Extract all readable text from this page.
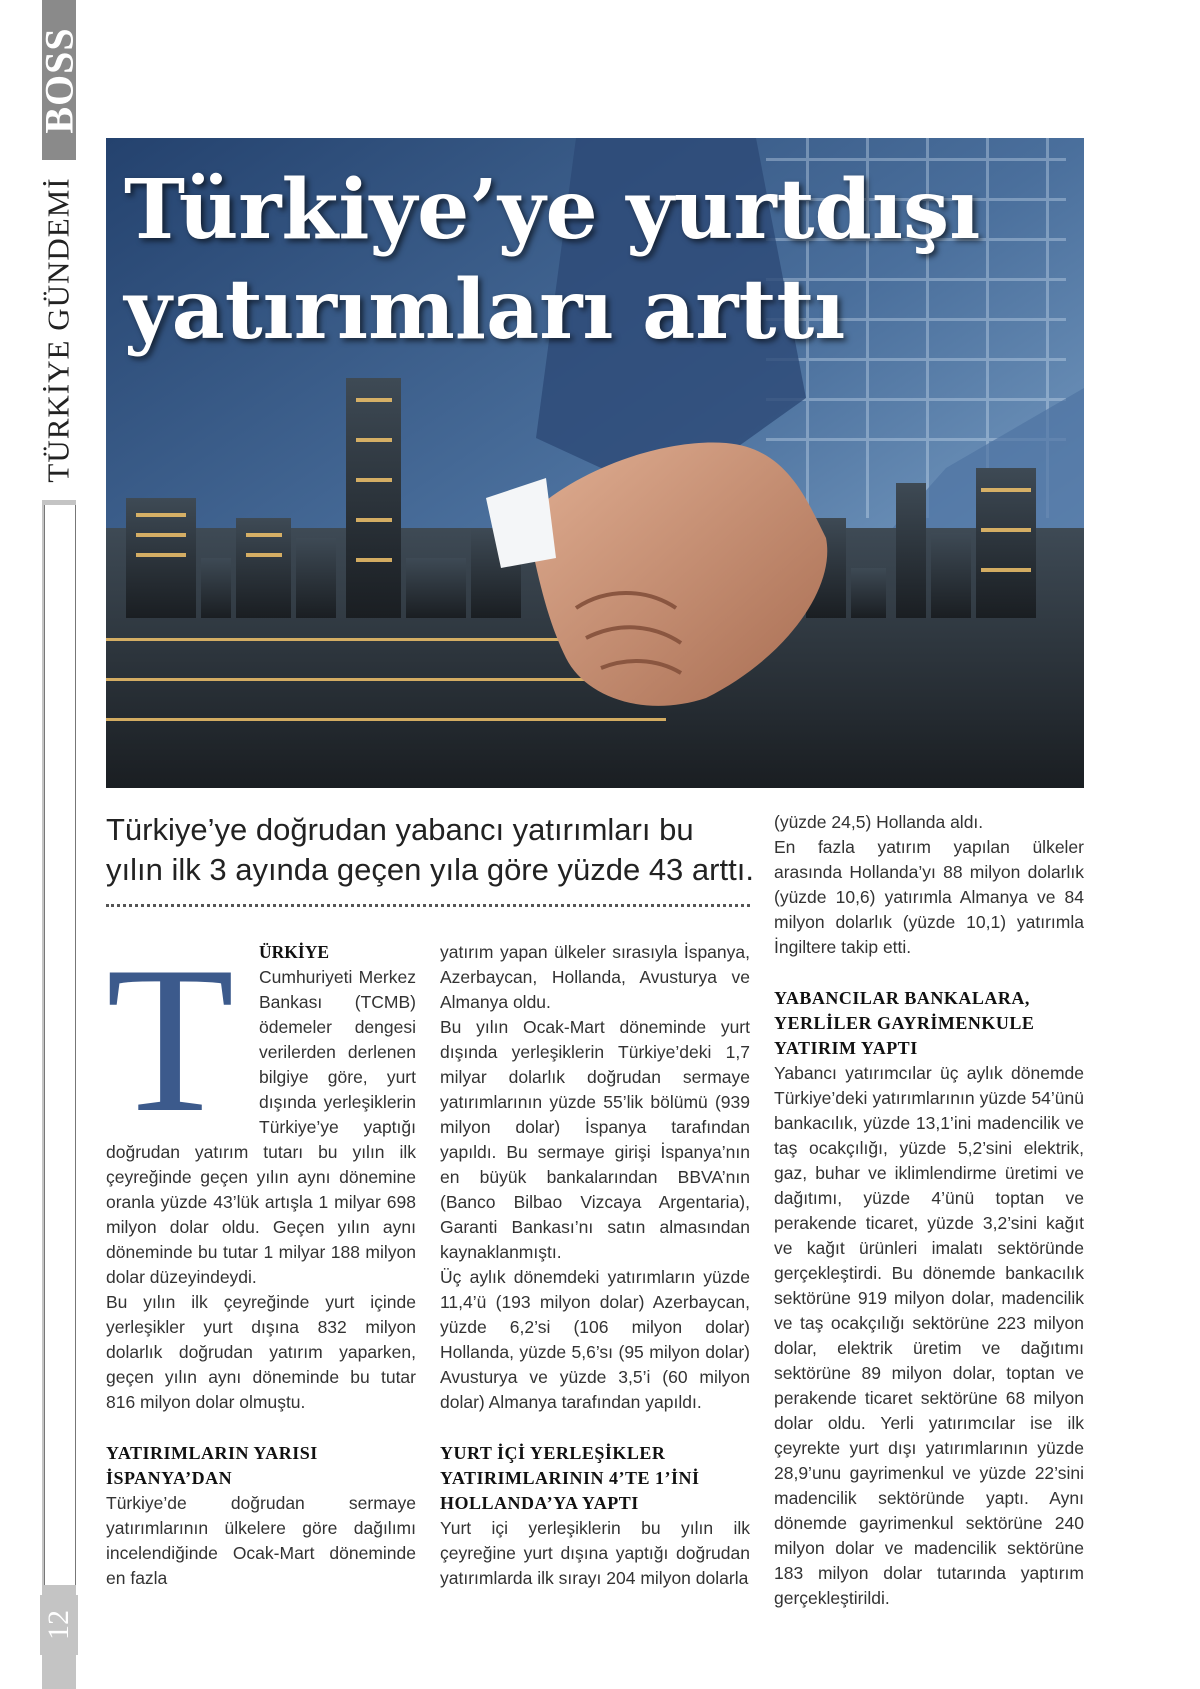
BOSS
TÜRKİYE GÜNDEMİ
12
Türkiye’ye yurtdışı
yatırımları arttı

Türkiye’ye doğrudan yabancı yatırımları bu yılın ilk 3 ayında geçen yıla göre yüzde 43 arttı.

T	ÜRKİYE Cumhuriyeti Merkez Bankası (TCMB) ödemeler dengesi verilerden derlenen bilgiye göre, yurt dışında yerleşiklerin Türkiye’ye yaptığı doğrudan yatırım tutarı bu yılın ilk çeyreğinde geçen yılın aynı dönemine oranla yüzde 43’lük artışla 1 milyar 698 milyon dolar oldu. Geçen yılın aynı döneminde bu tutar 1 milyar 188 milyon dolar düzeyindeydi.

Bu yılın ilk çeyreğinde yurt içinde yerleşikler yurt dışına 832 milyon dolarlık doğrudan yatırım yaparken, geçen yılın aynı döneminde bu tutar 816 milyon dolar olmuştu.

YATIRIMLARIN YARISI İSPANYA’DAN

Türkiye’de doğrudan sermaye yatırımlarının ülkelere göre dağılımı incelendiğinde Ocak-Mart döneminde en fazla

yatırım yapan ülkeler sırasıyla İspanya, Azerbaycan, Hollanda, Avusturya ve Almanya oldu.

Bu yılın Ocak-Mart döneminde yurt dışında yerleşiklerin Türkiye’deki 1,7 milyar dolarlık doğrudan sermaye yatırımlarının yüzde 55’lik bölümü (939 milyon dolar) İspanya tarafından yapıldı. Bu sermaye girişi İspanya’nın en büyük bankalarından BBVA’nın (Banco Bilbao Vizcaya Argentaria), Garanti Bankası’nı satın almasından kaynaklanmıştı.

Üç aylık dönemdeki yatırımların yüzde 11,4’ü (193 milyon dolar) Azerbaycan, yüzde 6,2’si (106 milyon dolar) Hollanda, yüzde 5,6’sı (95 milyon dolar) Avusturya ve yüzde 3,5’i (60 milyon dolar) Almanya tarafından yapıldı.

YURT İÇİ YERLEŞİKLER YATIRIMLARININ 4’TE 1’İNİ HOLLANDA’YA YAPTI

Yurt içi yerleşiklerin bu yılın ilk çeyreğine yurt dışına yaptığı doğrudan yatırımlarda ilk sırayı 204 milyon dolarla

(yüzde 24,5) Hollanda aldı.

En fazla yatırım yapılan ülkeler arasında Hollanda’yı 88 milyon dolarlık (yüzde 10,6) yatırımla Almanya ve 84 milyon dolarlık (yüzde 10,1) yatırımla İngiltere takip etti.

YABANCILAR BANKALARA, YERLİLER GAYRİMENKULE YATIRIM YAPTI

Yabancı yatırımcılar üç aylık dönemde Türkiye’deki yatırımlarının yüzde 54’ünü bankacılık, yüzde 13,1’ini madencilik ve taş ocakçılığı, yüzde 5,2’sini elektrik, gaz, buhar ve iklimlendirme üretimi ve dağıtımı, yüzde 4’ünü toptan ve perakende ticaret, yüzde 3,2’sini kağıt ve kağıt ürünleri imalatı sektöründe gerçekleştirdi. Bu dönemde bankacılık sektörüne 919 milyon dolar, madencilik ve taş ocakçılığı sektörüne 223 milyon dolar, elektrik üretim ve dağıtımı sektörüne 89 milyon dolar, toptan ve perakende ticaret sektörüne 68 milyon dolar oldu. Yerli yatırımcılar ise ilk çeyrekte yurt dışı yatırımlarının yüzde 28,9’unu gayrimenkul ve yüzde 22’sini madencilik sektöründe yaptı. Aynı dönemde gayrimenkul sektörüne 240 milyon dolar ve madencilik sektörüne 183 milyon dolar tutarında yaptırım gerçekleştirildi.
